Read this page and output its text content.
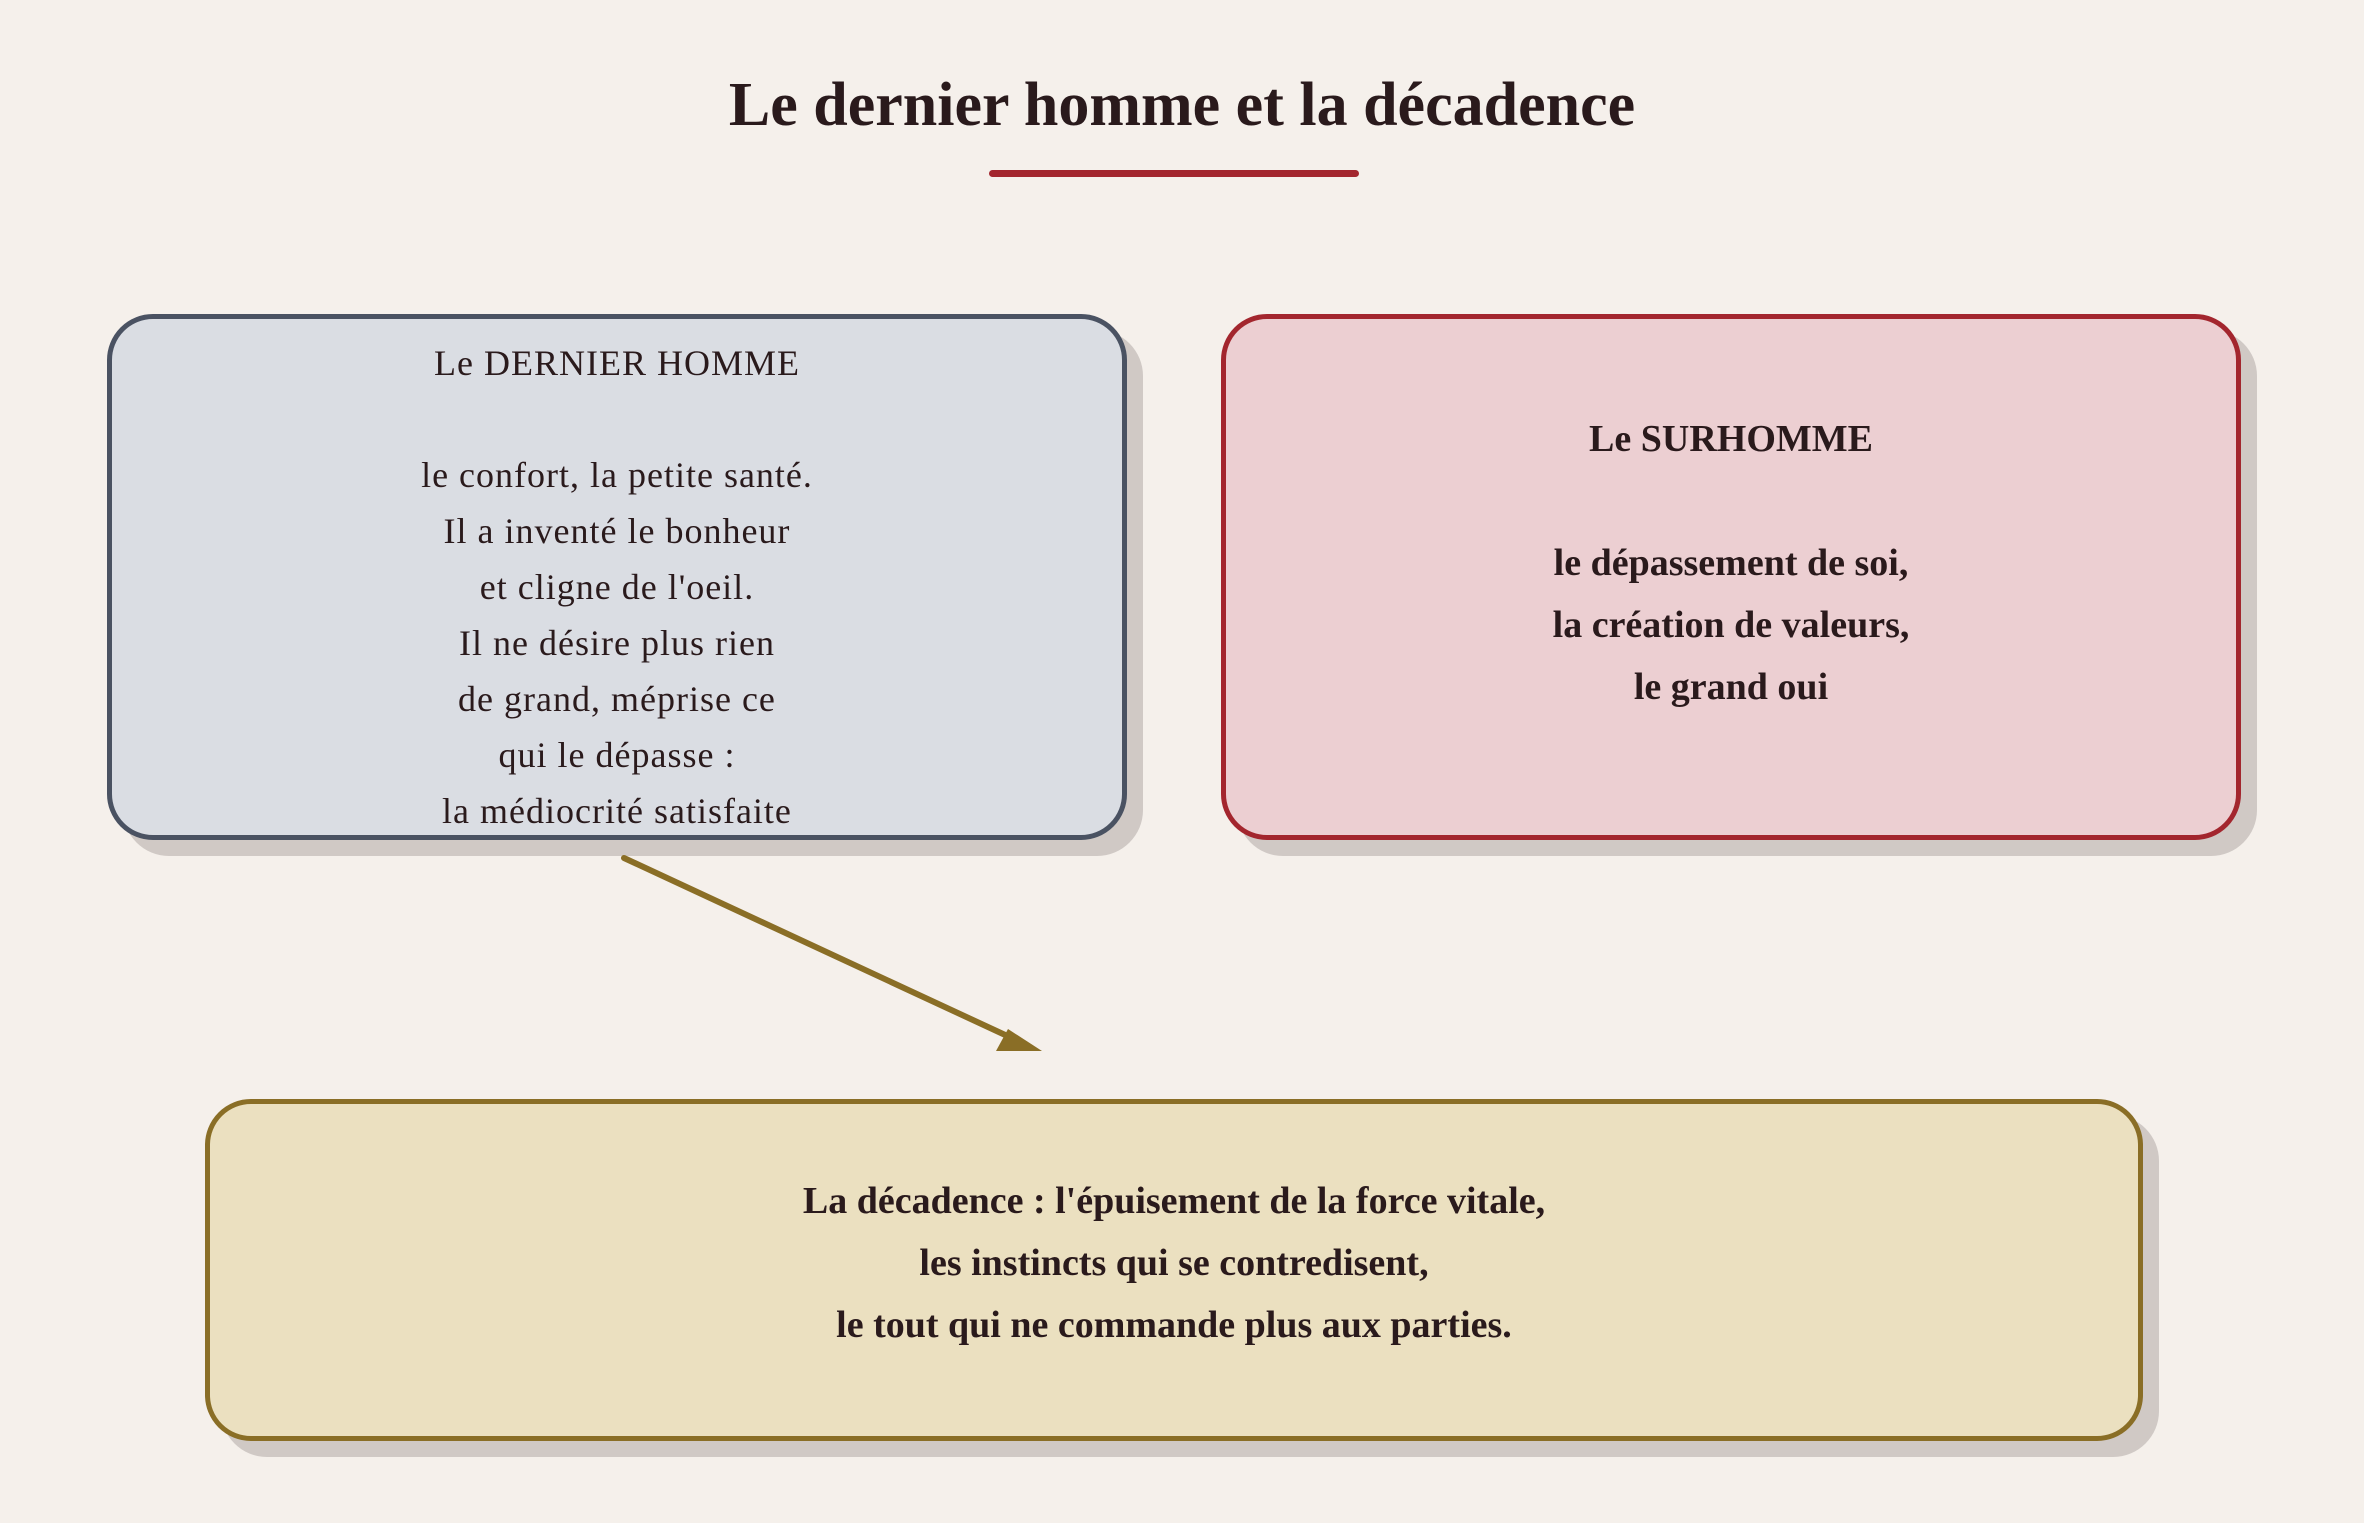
Le dernier homme et la décadence
Le DERNIER HOMME
le confort, la petite santé.
Il a inventé le bonheur
et cligne de l'oeil.
Il ne désire plus rien
de grand, méprise ce
qui le dépasse :
la médiocrité satisfaite
Le SURHOMME
le dépassement de soi,
la création de valeurs,
le grand oui
La décadence : l'épuisement de la force vitale,
les instincts qui se contredisent,
le tout qui ne commande plus aux parties.
